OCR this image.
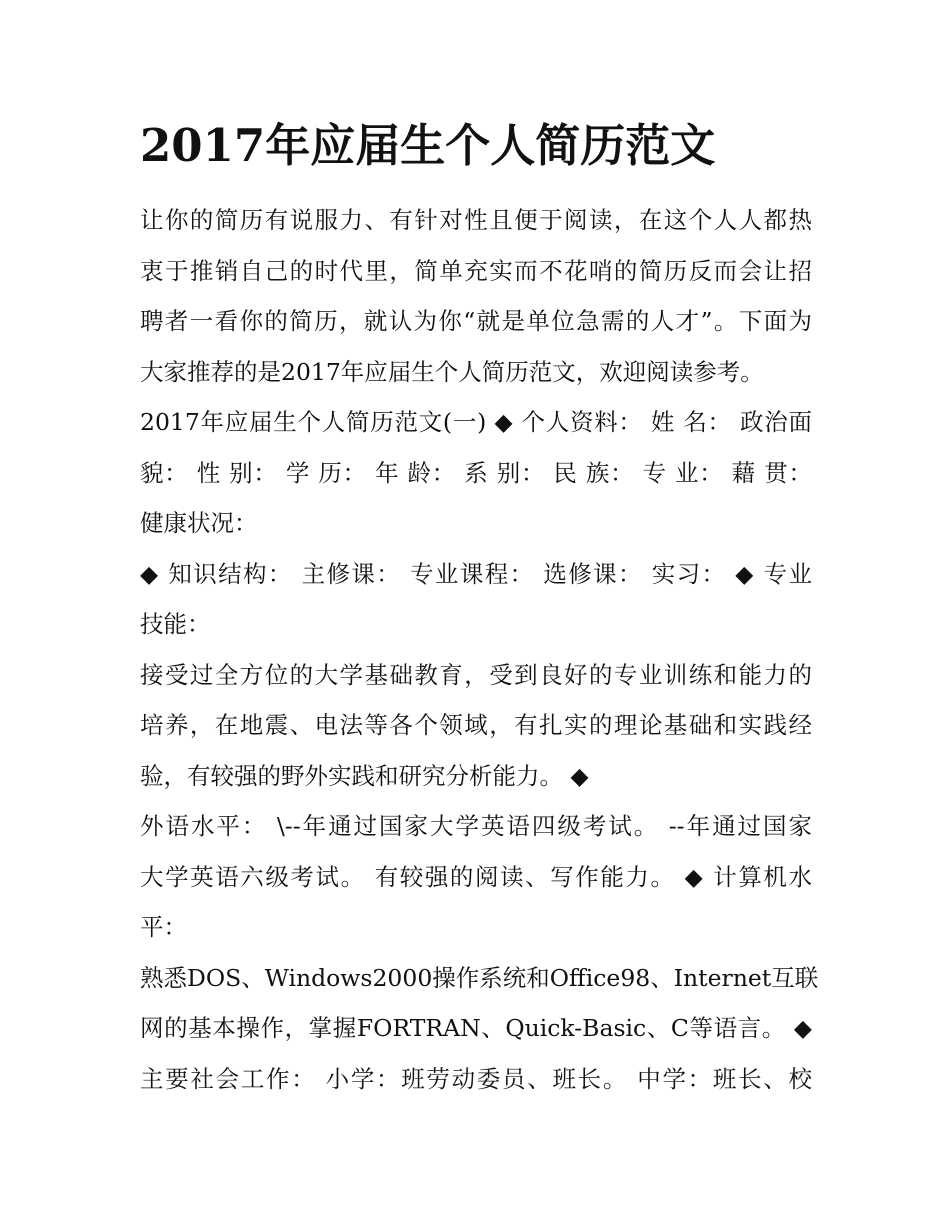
2017年应届生个人简历范文
让你的简历有说服力、有针对性且便于阅读，在这个人人都热
衷于推销自己的时代里，简单充实而不花哨的简历反而会让招
聘者一看你的简历，就认为你“就是单位急需的人才”。下面为
大家推荐的是2017年应届生个人简历范文，欢迎阅读参考。
2017年应届生个人简历范文(一) ◆ 个人资料： 姓 名： 政治面
貌： 性 别： 学 历： 年 龄： 系 别： 民 族： 专 业： 藉 贯：
健康状况：
◆ 知识结构： 主修课： 专业课程： 选修课： 实习： ◆ 专业
技能：
接受过全方位的大学基础教育，受到良好的专业训练和能力的
培养，在地震、电法等各个领域，有扎实的理论基础和实践经
验，有较强的野外实践和研究分析能力。 ◆
外语水平： \--年通过国家大学英语四级考试。 --年通过国家
大学英语六级考试。 有较强的阅读、写作能力。 ◆ 计算机水
平：
熟悉DOS、Windows2000操作系统和Office98、Internet互联
网的基本操作，掌握FORTRAN、Quick-Basic、C等语言。 ◆
主要社会工作： 小学：班劳动委员、班长。 中学：班长、校
